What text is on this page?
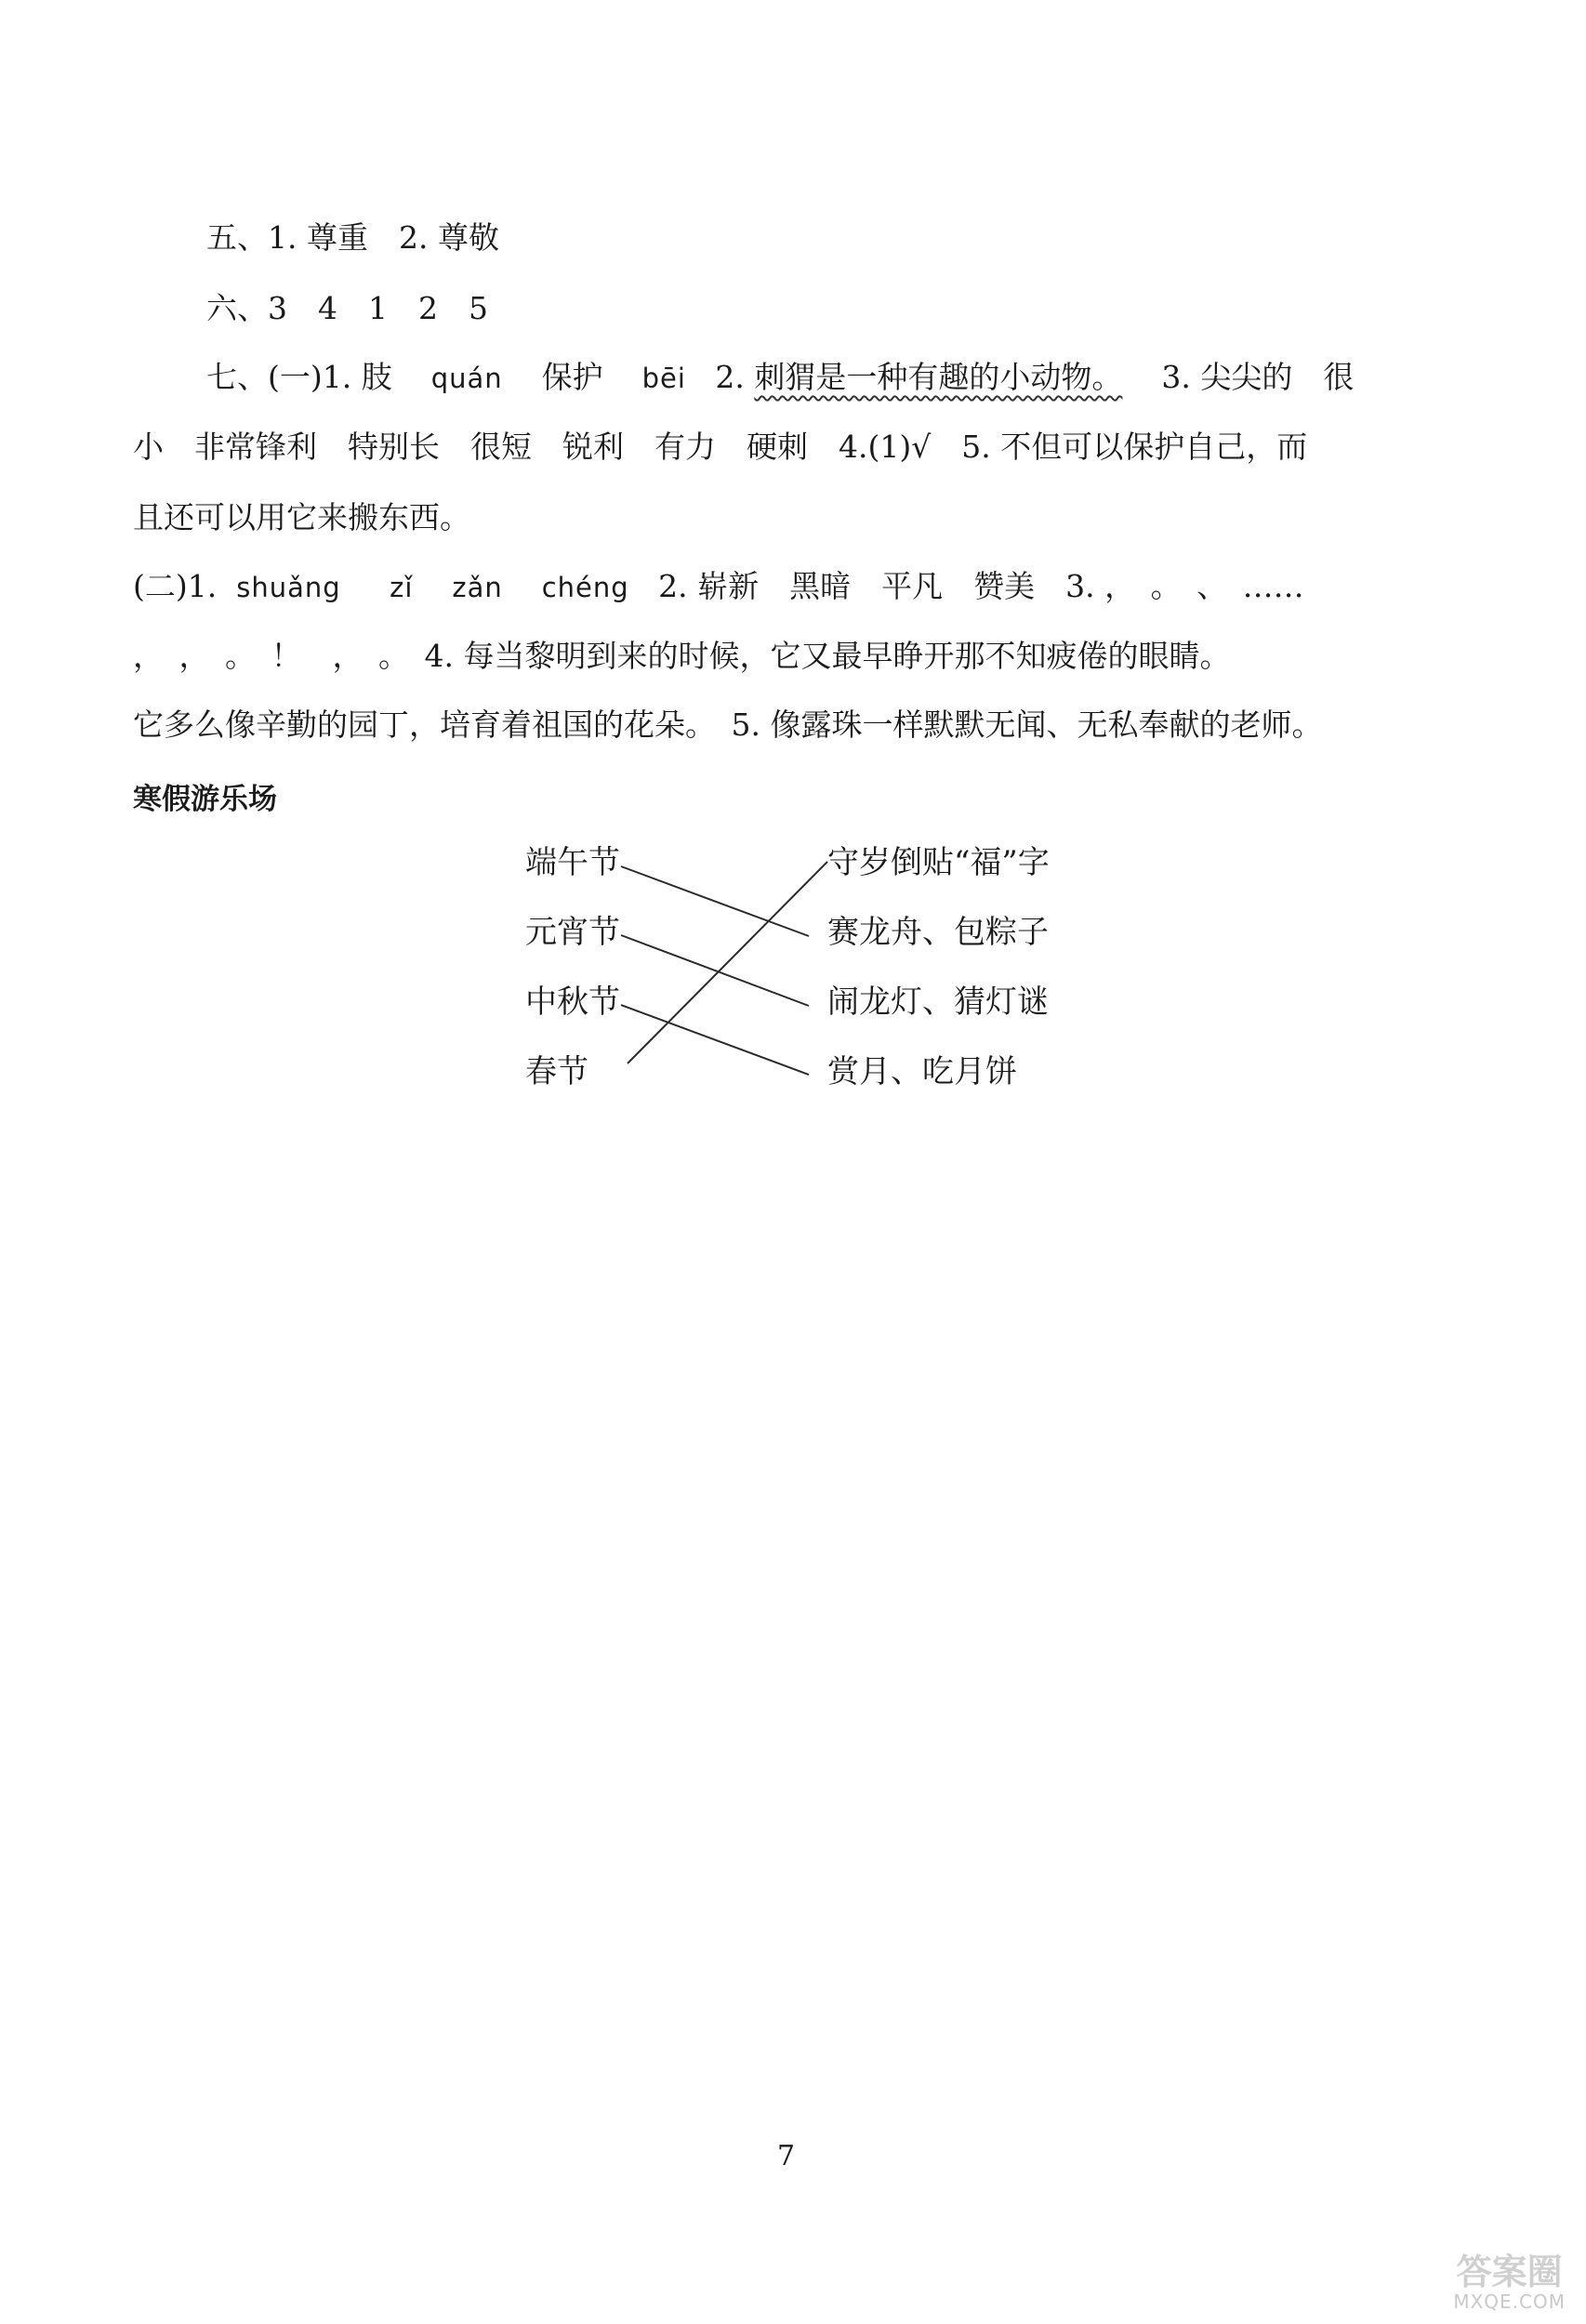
五、1. 尊重　2. 尊敬
六、3　4　1　2　5
七、(一)1. 肢 quán 保护 bēi 2. 刺猬是一种有趣的小动物。 3. 尖尖的　很
小　非常锋利　特别长　很短　锐利　有力　硬刺　4.(1)√　5. 不但可以保护自己，而
且还可以用它来搬东西。
(二)1. shuǎng zǐ zǎn chéng 2. 崭新　黑暗　平凡　赞美　3. ，　。　、　……
，　，　。　！　，　。　4. 每当黎明到来的时候，它又最早睁开那不知疲倦的眼睛。
它多么像辛勤的园丁，培育着祖国的花朵。　5. 像露珠一样默默无闻、无私奉献的老师。
寒假游乐场
端午节
元宵节
中秋节
春节
守岁倒贴“福”字
赛龙舟、包粽子
闹龙灯、猜灯谜
赏月、吃月饼
7
答案圈
MXQE.COM
